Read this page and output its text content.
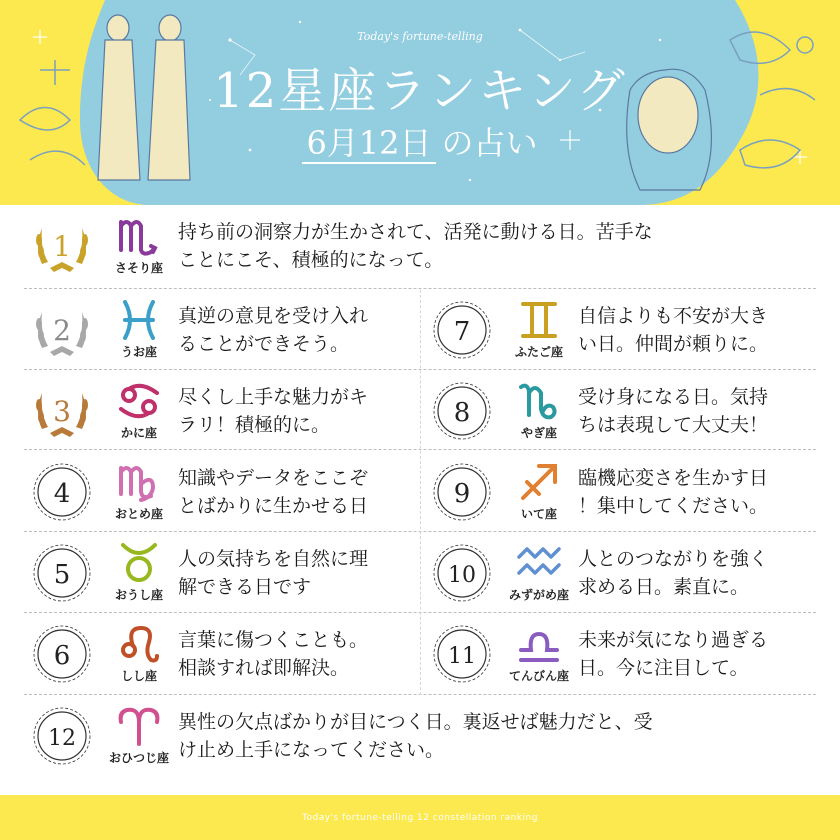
Today's fortune-telling
12星座ランキング
6月12日 の占い
1
さそり座
持ち前の洞察力が生かされて、活発に動ける日。苦手な
ことにこそ、積極的になって。
2
うお座
真逆の意見を受け入れ
ることができそう。
3
かに座
尽くし上手な魅力がキ
ラリ！積極的に。
4
おとめ座
知識やデータをここぞ
とばかりに生かせる日
5
おうし座
人の気持ちを自然に理
解できる日です
6
しし座
言葉に傷つくことも。
相談すれば即解決。
7
ふたご座
自信よりも不安が大き
い日。仲間が頼りに。
8
やぎ座
受け身になる日。気持
ちは表現して大丈夫！
9
いて座
臨機応変さを生かす日
！集中してください。
10
みずがめ座
人とのつながりを強く
求める日。素直に。
11
てんびん座
未来が気になり過ぎる
日。今に注目して。
12
おひつじ座
異性の欠点ばかりが目につく日。裏返せば魅力だと、受
け止め上手になってください。
Today's fortune-telling 12 constellation ranking
